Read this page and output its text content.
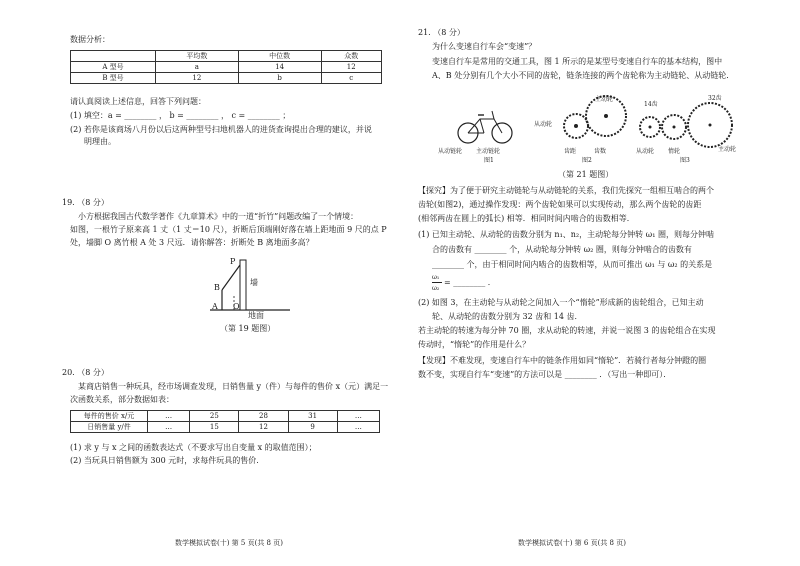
数据分析：
	平均数	中位数	众数
A 型号	a	14	12
B 型号	12	b	c
请认真阅读上述信息，回答下列问题：
(1) 填空：a = ________ ， b = ________ ， c = ________ ；
(2) 若你是该商场八月份以后这两种型号扫地机器人的进货查询提出合理的建议，并说
明理由。
19. （8 分）
小方根据我国古代数学著作《九章算术》中的一道“折竹”问题改编了一个情境：
如图，一根竹子原来高 1 丈（1 丈＝10 尺），折断后顶端刚好落在墙上距地面 9 尺的点 P
处，墙脚 O 离竹根 A 处 3 尺远．请你解答：折断处 B 离地面多高？
P
B
A O
墙
地面
（第 19 题图）
20. （8 分）
某商店销售一种玩具，经市场调查发现，日销售量 y（件）与每件的售价 x（元）满足一
次函数关系，部分数据如表：
每件的售价 x/元	…	25	28	31	…
日销售量 y/件	…	15	12	9	…
(1) 求 y 与 x 之间的函数表达式（不要求写出自变量 x 的取值范围）；
(2) 当玩具日销售额为 300 元时，求每件玩具的售价.
数学模拟试卷(十) 第 5 页(共 8 页)
21. （8 分）
为什么变速自行车会“变速”？
变速自行车是常用的交通工具，图 1 所示的是某型号变速自行车的基本结构，图中
A、B 处分别有几个大小不同的齿轮，链条连接的两个齿轮称为主动链轮、从动链轮．
从动链轮 主动链轮
图1
主动轮
从动轮
齿距	齿数
图2
14齿
32齿
从动轮 惰轮	主动轮
图3
（第 21 题图）
【探究】为了便于研究主动链轮与从动链轮的关系，我们先探究一组相互啮合的两个
齿轮(如图2)，通过操作发现：两个齿轮如果可以实现传动，那么两个齿轮的齿距
(相邻两齿在圆上的弧长) 相等．相同时间内啮合的齿数相等．
(1) 已知主动轮、从动轮的齿数分别为 n₁、n₂，主动轮每分钟转 ω₁ 圈，则每分钟啮
合的齿数有 ________ 个，从动轮每分钟转 ω₂ 圈，则每分钟啮合的齿数有
________ 个，由于相同时间内啮合的齿数相等，从而可推出 ω₁ 与 ω₂ 的关系是
ω₁
ω₂
= ________ ．
(2) 如图 3，在主动轮与从动轮之间加入一个“惰轮”形成新的齿轮组合，已知主动
轮、从动轮的齿数分别为 32 齿和 14 齿．
若主动轮的转速为每分钟 70 圈，求从动轮的转速，并说一说图 3 的齿轮组合在实现
传动时，“惰轮”的作用是什么？
【发现】不难发现，变速自行车中的链条作用如同“惰轮”．若骑行者每分钟蹬的圈
数不变，实现自行车“变速”的方法可以是 ________ ．（写出一种即可）．
数学模拟试卷(十) 第 6 页(共 8 页)
